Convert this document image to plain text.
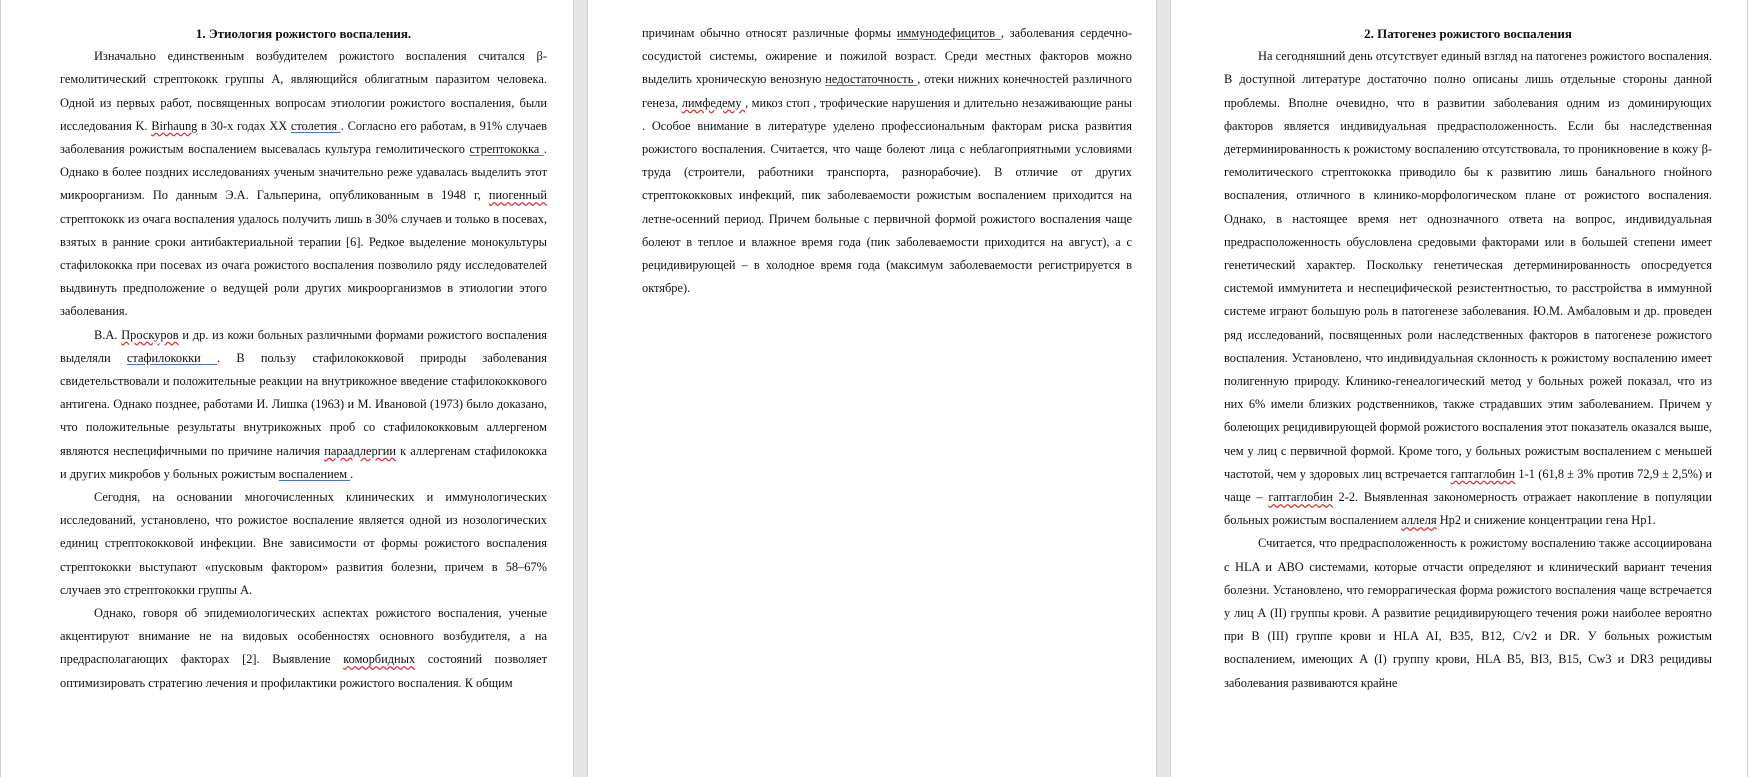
1. Этиология рожистого воспаления.

Изначально единственным возбудителем рожистого воспаления считался β-гемолитический стрептококк группы А, являющийся облигатным паразитом человека. Одной из первых работ, посвященных вопросам этиологии рожистого воспаления, были исследования K. Birhaung в 30-х годах ХХ столетия . Согласно его работам, в 91% случаев заболевания рожистым воспалением высевалась культура гемолитического стрептококка . Однако в более поздних исследованиях ученым значительно реже удавалась выделить этот микроорганизм. По данным Э.А. Гальперина, опубликованным в 1948 г, пиогенный стрептококк из очага воспаления удалось получить лишь в 30% случаев и только в посевах, взятых в ранние сроки антибактериальной терапии [6]. Редкое выделение монокультуры стафилококка при посевах из очага рожистого воспаления позволило ряду исследователей выдвинуть предположение о ведущей роли других микроорганизмов в этиологии этого заболевания.

В.А. Проскуров и др. из кожи больных различными формами рожистого воспаления выделяли стафилококки . В пользу стафилококковой природы заболевания свидетельствовали и положительные реакции на внутрикожное введение стафилококкового антигена. Однако позднее, работами И. Лишка (1963) и М. Ивановой (1973) было доказано, что положительные результаты внутрикожных проб со стафилококковым аллергеном являются неспецифичными по причине наличия параадлергии к аллергенам стафилококка и других микробов у больных рожистым воспалением .

Сегодня, на основании многочисленных клинических и иммунологических исследований, установлено, что рожистое воспаление является одной из нозологических единиц стрептококковой инфекции. Вне зависимости от формы рожистого воспаления стрептококки выступают «пусковым фактором» развития болезни, причем в 58–67% случаев это стрептококки группы А.

Однако, говоря об эпидемиологических аспектах рожистого воспаления, ученые акцентируют внимание не на видовых особенностях основного возбудителя, а на предрасполагающих факторах [2]. Выявление коморбидных состояний позволяет оптимизировать стратегию лечения и профилактики рожистого воспаления. К общим

причинам обычно относят различные формы иммунодефицитов , заболевания сердечно-сосудистой системы, ожирение и пожилой возраст. Среди местных факторов можно выделить хроническую венозную недостаточность , отеки нижних конечностей различного генеза, лимфедему , микоз стоп , трофические нарушения и длительно незаживающие раны . Особое внимание в литературе уделено профессиональным факторам риска развития рожистого воспаления. Считается, что чаще болеют лица с неблагоприятными условиями труда (строители, работники транспорта, разнорабочие). В отличие от других стрептококковых инфекций, пик заболеваемости рожистым воспалением приходится на летне-осенний период. Причем больные с первичной формой рожистого воспаления чаще болеют в теплое и влажное время года (пик заболеваемости приходится на август), а с рецидивирующей – в холодное время года (максимум заболеваемости регистрируется в октябре).

2. Патогенез рожистого воспаления

На сегодняшний день отсутствует единый взгляд на патогенез рожистого воспаления. В доступной литературе достаточно полно описаны лишь отдельные стороны данной проблемы. Вполне очевидно, что в развитии заболевания одним из доминирующих факторов является индивидуальная предрасположенность. Если бы наследственная детерминированность к рожистому воспалению отсутствовала, то проникновение в кожу β-гемолитического стрептококка приводило бы к развитию лишь банального гнойного воспаления, отличного в клинико-морфологическом плане от рожистого воспаления. Однако, в настоящее время нет однозначного ответа на вопрос, индивидуальная предрасположенность обусловлена средовыми факторами или в большей степени имеет генетический характер. Поскольку генетическая детерминированность опосредуется системой иммунитета и неспецифической резистентностью, то расстройства в иммунной системе играют большую роль в патогенезе заболевания. Ю.М. Амбаловым и др. проведен ряд исследований, посвященных роли наследственных факторов в патогенезе рожистого воспаления. Установлено, что индивидуальная склонность к рожистому воспалению имеет полигенную природу. Клинико-генеалогический метод у больных рожей показал, что из них 6% имели близких родственников, также страдавших этим заболеванием. Причем у болеющих рецидивирующей формой рожистого воспаления этот показатель оказался выше, чем у лиц с первичной формой. Кроме того, у больных рожистым воспалением с меньшей частотой, чем у здоровых лиц встречается гаптаглобин 1-1 (61,8 ± 3% против 72,9 ± 2,5%) и чаще – гаптаглобин 2-2. Выявленная закономерность отражает накопление в популяции больных рожистым воспалением аллеля Hp2 и снижение концентрации гена Hp1.

Считается, что предрасположенность к рожистому воспалению также ассоциирована с HLA и ABO системами, которые отчасти определяют и клинический вариант течения болезни. Установлено, что геморрагическая форма рожистого воспаления чаще встречается у лиц А (II) группы крови. А развитие рецидивирующего течения рожи наиболее вероятно при В (III) группе крови и HLA AI, B35, B12, C/v2 и DR. У больных рожистым воспалением, имеющих А (I) группу крови, HLA B5, BI3, B15, Cw3 и DR3 рецидивы заболевания развиваются крайне
